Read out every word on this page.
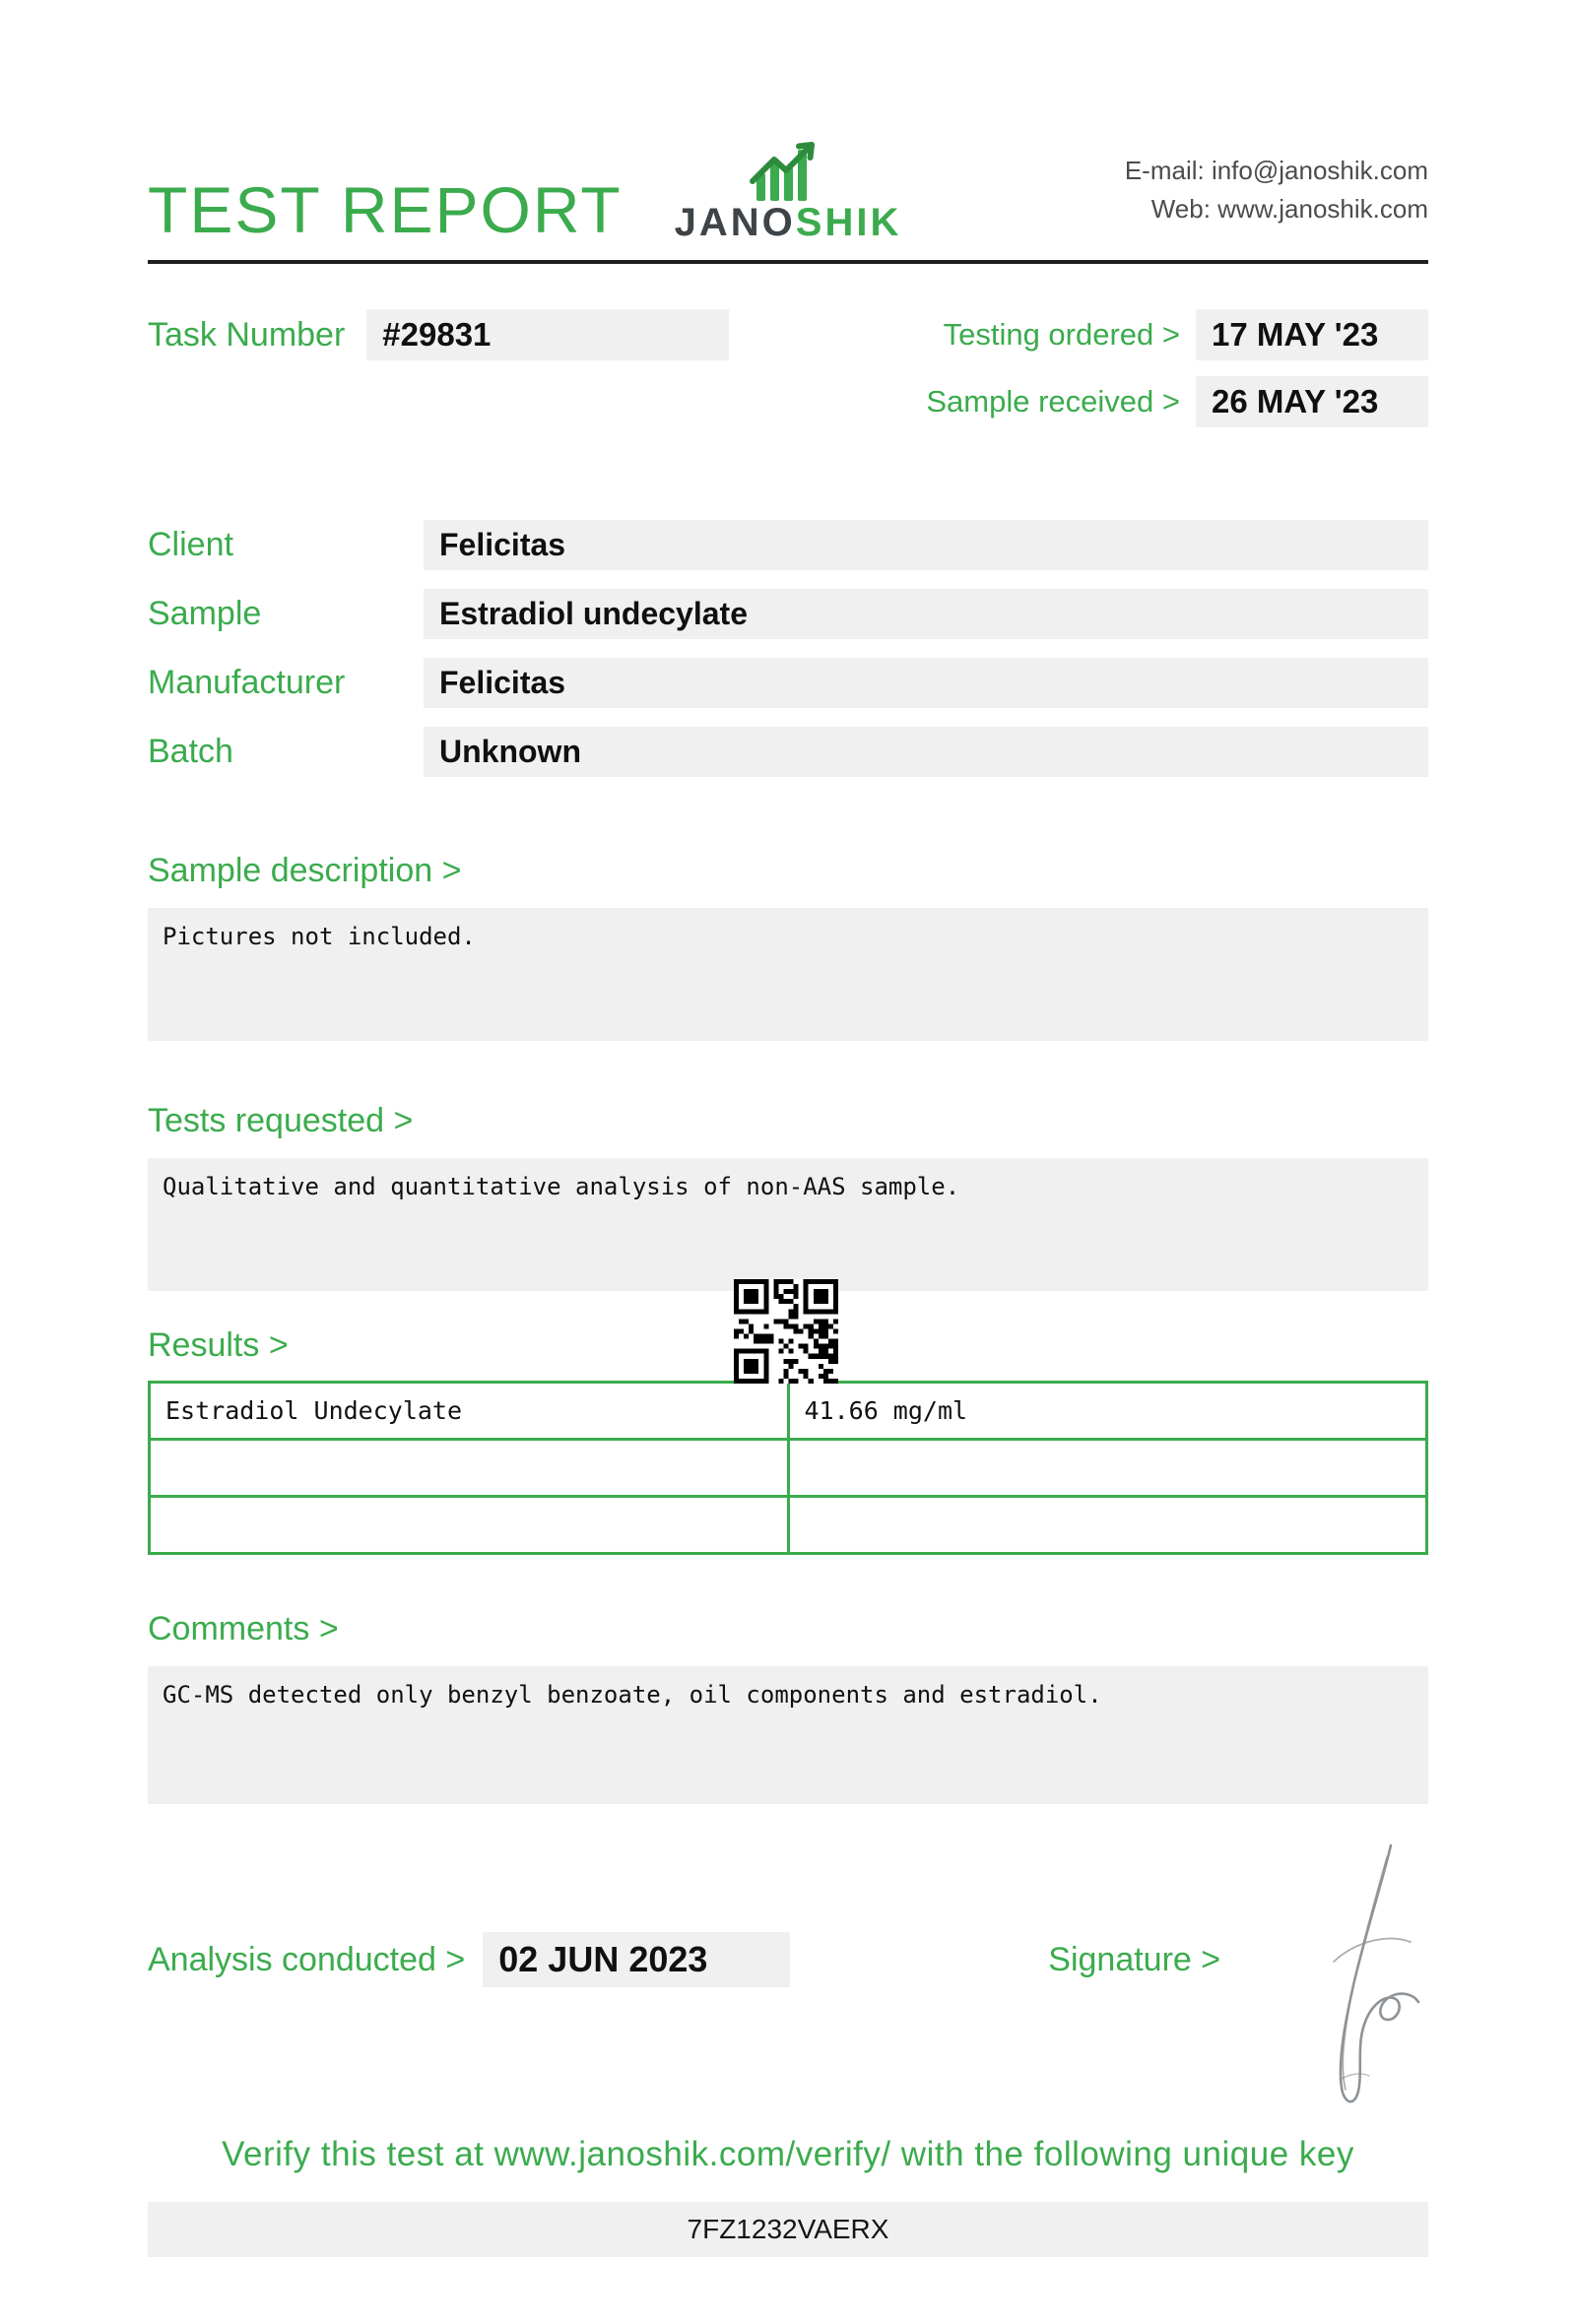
TEST REPORT	JANOSHIK
E-mail: info@janoshik.com
Web: www.janoshik.com
Task Number	#29831	Testing ordered > 17 MAY '23
Sample received > 26 MAY '23
Client	Felicitas
Sample	Estradiol undecylate
Manufacturer	Felicitas
Batch	Unknown
Sample description >
Pictures not included.
Tests requested >
Qualitative and quantitative analysis of non-AAS sample.
Results >
Estradiol Undecylate	41.66 mg/ml

Comments >
GC-MS detected only benzyl benzoate, oil components and estradiol.
Analysis conducted > 02 JUN 2023	Signature >
Verify this test at www.janoshik.com/verify/ with the following unique key
7FZ1232VAERX
